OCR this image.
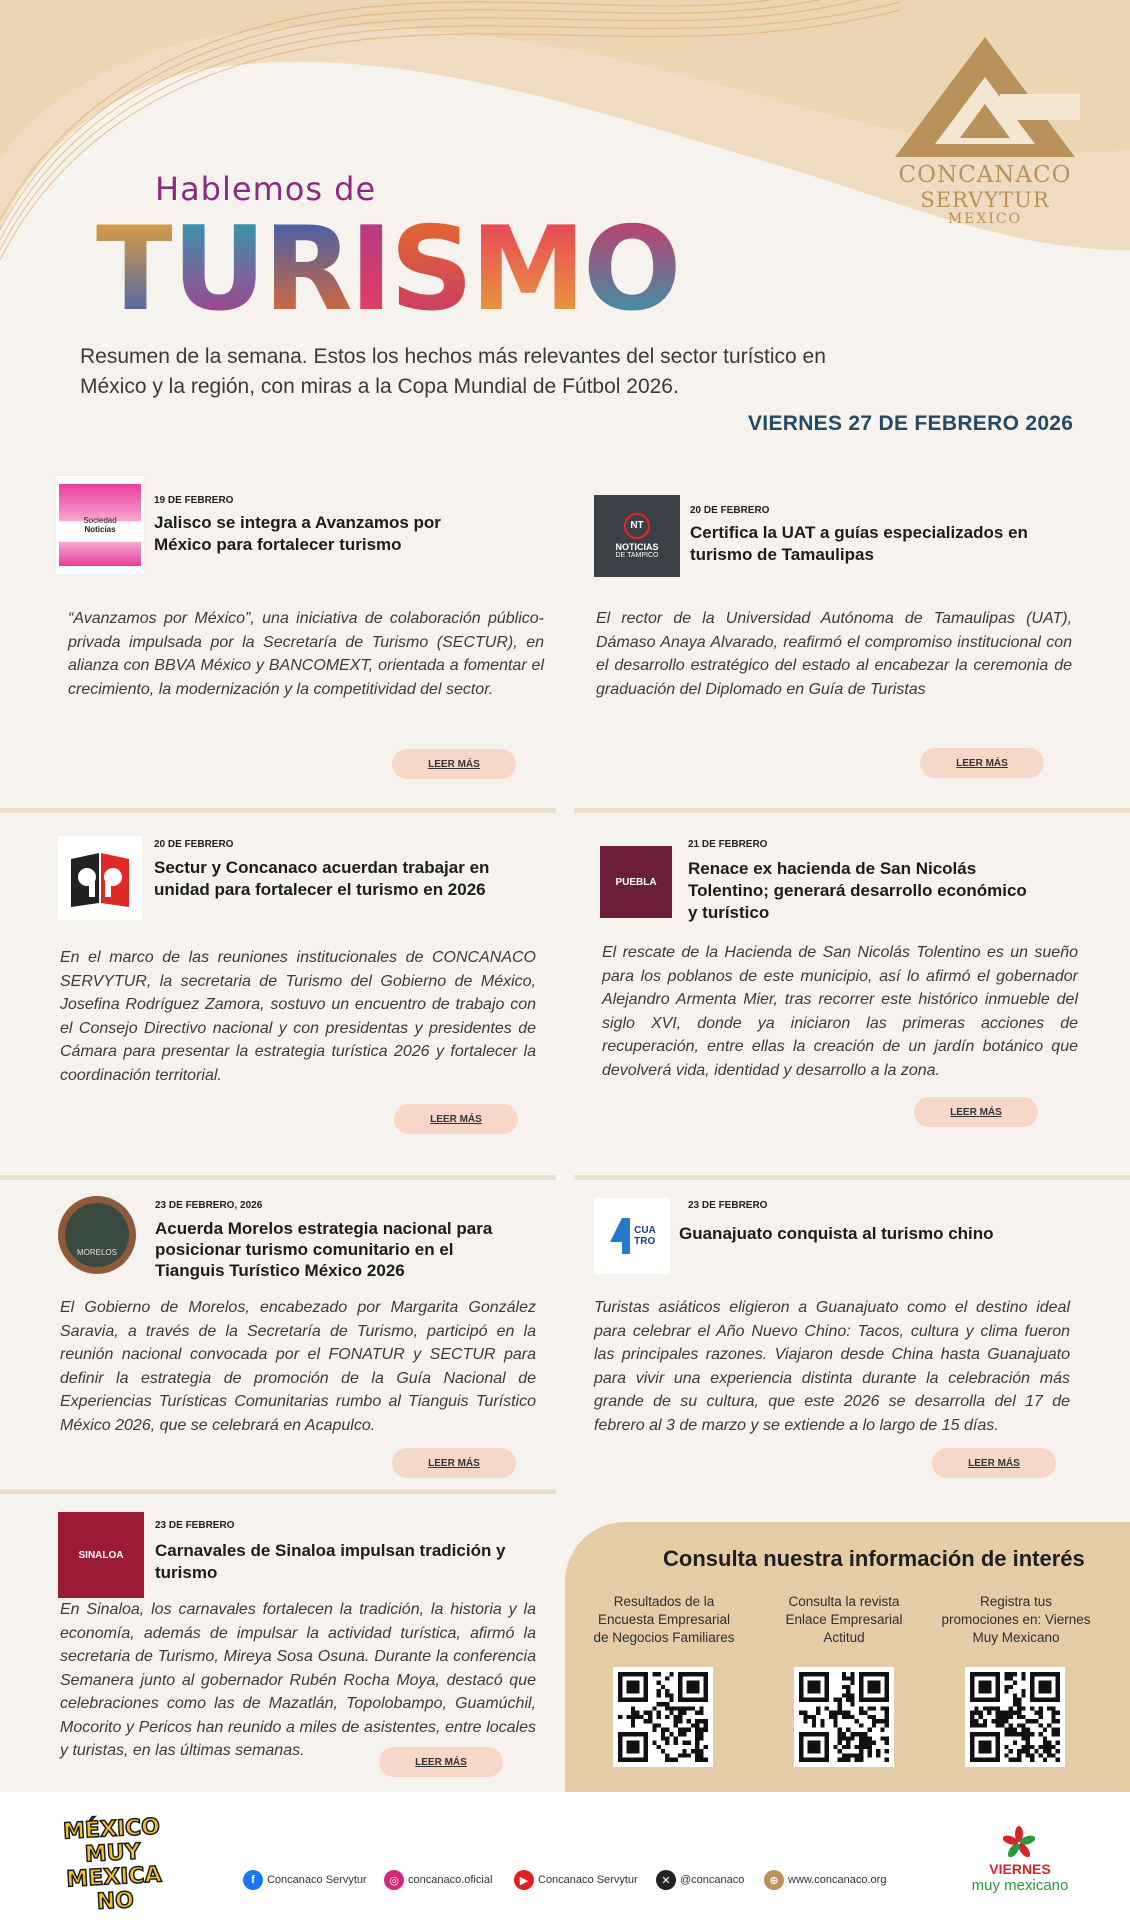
CONCANACO
SERVYTUR
MEXICO
Hablemos de
TURISMO
Resumen de la semana. Estos los hechos más relevantes del sector turístico en México y la región, con miras a la Copa Mundial de Fútbol 2026.
VIERNES 27 DE FEBRERO 2026
Sociedad
Noticias
19 DE FEBRERO
Jalisco se integra a Avanzamos por México para fortalecer turismo
“Avanzamos por México”, una iniciativa de colaboración público-privada impulsada por la Secretaría de Turismo (SECTUR), en alianza con BBVA México y BANCOMEXT, orientada a fomentar el crecimiento, la modernización y la competitividad del sector.
LEER MÁS
NT
NOTICIAS
DE TAMPICO
20 DE FEBRERO
Certifica la UAT a guías especializados en turismo de Tamaulipas
El rector de la Universidad Autónoma de Tamaulipas (UAT), Dámaso Anaya Alvarado, reafirmó el compromiso institucional con el desarrollo estratégico del estado al encabezar la ceremonia de graduación del Diplomado en Guía de Turistas
LEER MÁS
20 DE FEBRERO
Sectur y Concanaco acuerdan trabajar en unidad para fortalecer el turismo en 2026
En el marco de las reuniones institucionales de CONCANACO SERVYTUR, la secretaria de Turismo del Gobierno de México, Josefina Rodríguez Zamora, sostuvo un encuentro de trabajo con el Consejo Directivo nacional y con presidentas y presidentes de Cámara para presentar la estrategia turística 2026 y fortalecer la coordinación territorial.
LEER MÁS
PUEBLA
21 DE FEBRERO
Renace ex hacienda de San Nicolás Tolentino; generará desarrollo económico y turístico
El rescate de la Hacienda de San Nicolás Tolentino es un sueño para los poblanos de este municipio, así lo afirmó el gobernador Alejandro Armenta Mier, tras recorrer este histórico inmueble del siglo XVI, donde ya iniciaron las primeras acciones de recuperación, entre ellas la creación de un jardín botánico que devolverá vida, identidad y desarrollo a la zona.
LEER MÁS
MORELOS
23 DE FEBRERO, 2026
Acuerda Morelos estrategia nacional para posicionar turismo comunitario en el Tianguis Turístico México 2026
El Gobierno de Morelos, encabezado por Margarita González Saravia, a través de la Secretaría de Turismo, participó en la reunión nacional convocada por el FONATUR y SECTUR para definir la estrategia de promoción de la Guía Nacional de Experiencias Turísticas Comunitarias rumbo al Tianguis Turístico México 2026, que se celebrará en Acapulco.
LEER MÁS
CUA
TRO
23 DE FEBRERO
Guanajuato conquista al turismo chino
Turistas asiáticos eligieron a Guanajuato como el destino ideal para celebrar el Año Nuevo Chino: Tacos, cultura y clima fueron las principales razones. Viajaron desde China hasta Guanajuato para vivir una experiencia distinta durante la celebración más grande de su cultura, que este 2026 se desarrolla del 17 de febrero al 3 de marzo y se extiende a lo largo de 15 días.
LEER MÁS
SINALOA
23 DE FEBRERO
Carnavales de Sinaloa impulsan tradición y turismo
En Sinaloa, los carnavales fortalecen la tradición, la historia y la economía, además de impulsar la actividad turística, afirmó la secretaria de Turismo, Mireya Sosa Osuna. Durante la conferencia Semanera junto al gobernador Rubén Rocha Moya, destacó que celebraciones como las de Mazatlán, Topolobampo, Guamúchil, Mocorito y Pericos han reunido a miles de asistentes, entre locales y turistas, en las últimas semanas.
LEER MÁS
Consulta nuestra información de interés
Resultados de la Encuesta Empresarial de Negocios Familiares
Consulta la revista Enlace Empresarial Actitud
Registra tus promociones en: Viernes Muy Mexicano
MÉXICO MUY MEXICANO
f	Concanaco Servytur	◎ concanaco.oficial	▶ Concanaco Servytur	✕ @concanaco	⊕ www.concanaco.org
VIERNES
muy mexicano
